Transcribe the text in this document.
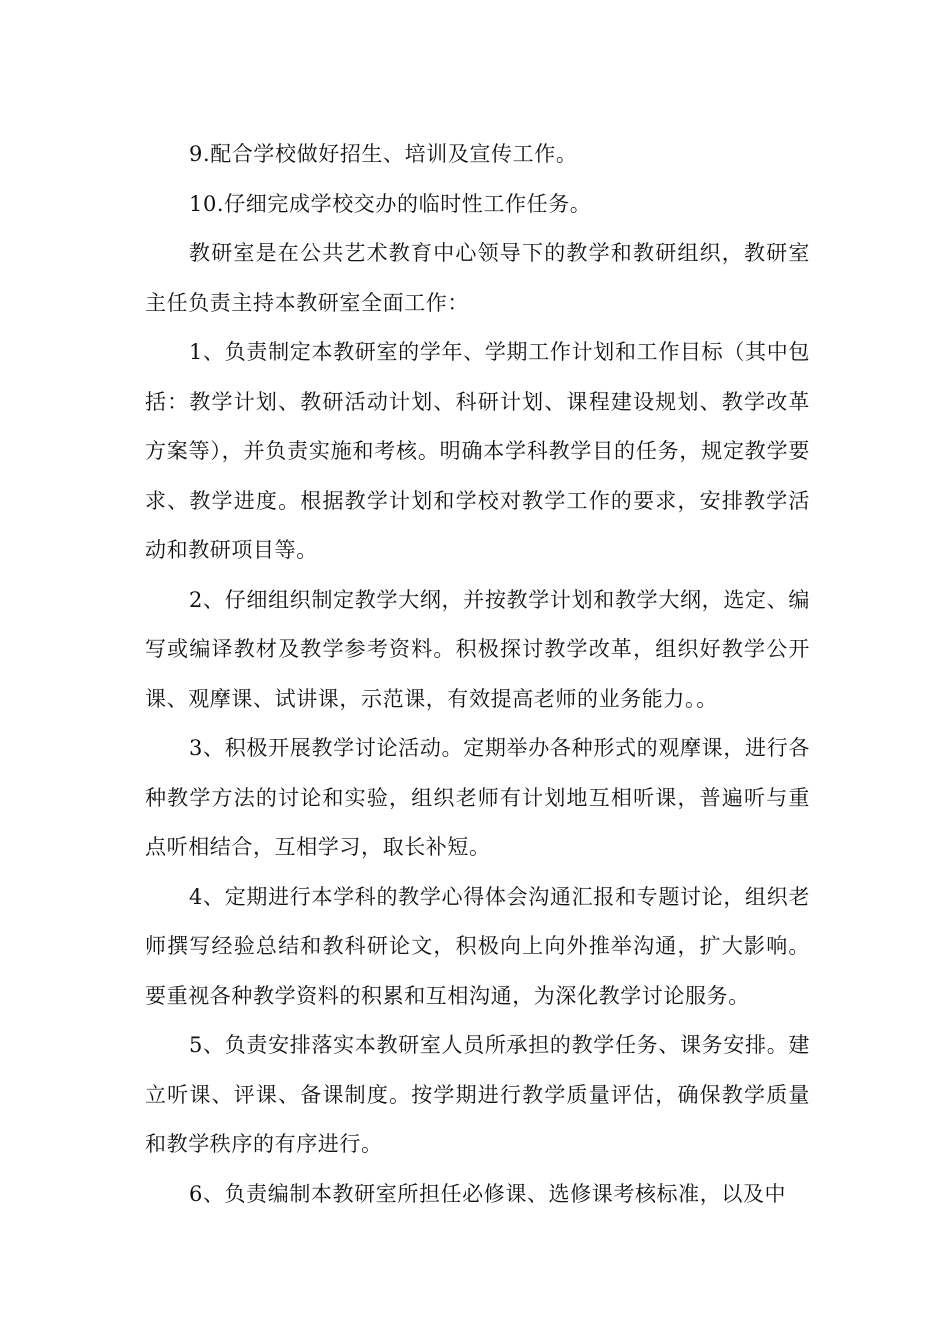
9.配合学校做好招生、培训及宣传工作。

10.仔细完成学校交办的临时性工作任务。

教研室是在公共艺术教育中心领导下的教学和教研组织，教研室主任负责主持本教研室全面工作：

1、负责制定本教研室的学年、学期工作计划和工作目标（其中包括：教学计划、教研活动计划、科研计划、课程建设规划、教学改革方案等），并负责实施和考核。明确本学科教学目的任务，规定教学要求、教学进度。根据教学计划和学校对教学工作的要求，安排教学活动和教研项目等。

2、仔细组织制定教学大纲，并按教学计划和教学大纲，选定、编写或编译教材及教学参考资料。积极探讨教学改革，组织好教学公开课、观摩课、试讲课，示范课，有效提高老师的业务能力。。

3、积极开展教学讨论活动。定期举办各种形式的观摩课，进行各种教学方法的讨论和实验，组织老师有计划地互相听课，普遍听与重点听相结合，互相学习，取长补短。

4、定期进行本学科的教学心得体会沟通汇报和专题讨论，组织老师撰写经验总结和教科研论文，积极向上向外推举沟通，扩大影响。要重视各种教学资料的积累和互相沟通，为深化教学讨论服务。

5、负责安排落实本教研室人员所承担的教学任务、课务安排。建立听课、评课、备课制度。按学期进行教学质量评估，确保教学质量和教学秩序的有序进行。

6、负责编制本教研室所担任必修课、选修课考核标准，以及中
